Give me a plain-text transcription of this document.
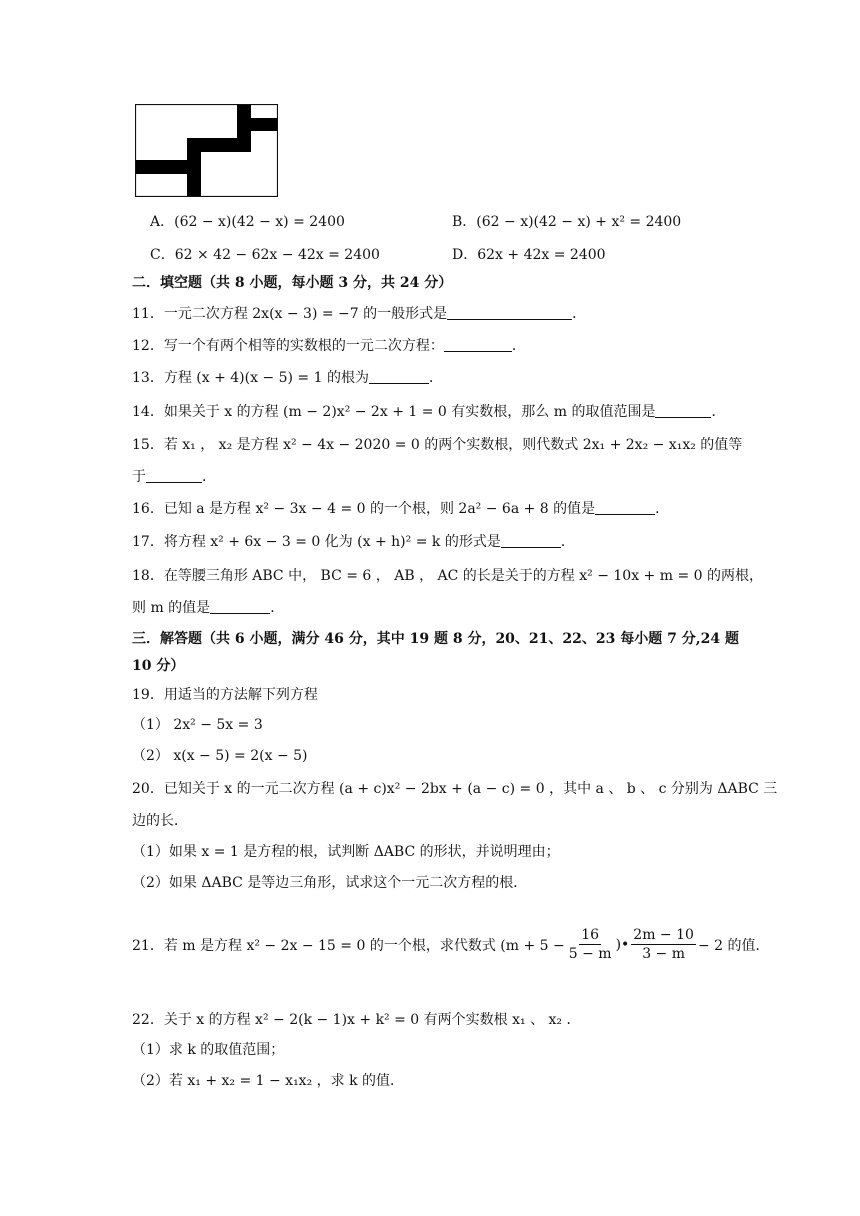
A．(62 − x)(42 − x) = 2400	B．(62 − x)(42 − x) + x² = 2400
C．62 × 42 − 62x − 42x = 2400	D．62x + 42x = 2400
二．填空题（共 8 小题，每小题 3 分，共 24 分）
11．一元二次方程 2x(x − 3) = −7 的一般形式是	．
12．写一个有两个相等的实数根的一元二次方程：	．
13．方程 (x + 4)(x − 5) = 1 的根为	．
14．如果关于 x 的方程 (m − 2)x² − 2x + 1 = 0 有实数根，那么 m 的取值范围是	．
15．若 x₁ ， x₂ 是方程 x² − 4x − 2020 = 0 的两个实数根，则代数式 2x₁ + 2x₂ − x₁x₂ 的值等
于	．
16．已知 a 是方程 x² − 3x − 4 = 0 的一个根，则 2a² − 6a + 8 的值是	．
17．将方程 x² + 6x − 3 = 0 化为 (x + h)² = k 的形式是	．
18．在等腰三角形 ABC 中， BC = 6 ， AB ， AC 的长是关于的方程 x² − 10x + m = 0 的两根，
则 m 的值是	．
三．解答题（共 6 小题，满分 46 分，其中 19 题 8 分，20、21、22、23 每小题 7 分,24 题
10 分）
19．用适当的方法解下列方程
（1） 2x² − 5x = 3
（2） x(x − 5) = 2(x − 5)
20．已知关于 x 的一元二次方程 (a + c)x² − 2bx + (a − c) = 0 ，其中 a 、 b 、 c 分别为 ΔABC 三
边的长．
（1）如果 x = 1 是方程的根，试判断 ΔABC 的形状，并说明理由；
（2）如果 ΔABC 是等边三角形，试求这个一元二次方程的根．
21．若 m 是方程 x² − 2x − 15 = 0 的一个根，求代数式 ($m + 5 - \frac{16}{5 - m}$ )• $\frac{2m - 10}{3 - m} - 2$ 的值．
22．关于 x 的方程 x² − 2(k − 1)x + k² = 0 有两个实数根 x₁ 、 x₂ ．
（1）求 k 的取值范围；
（2）若 x₁ + x₂ = 1 − x₁x₂ ，求 k 的值．
